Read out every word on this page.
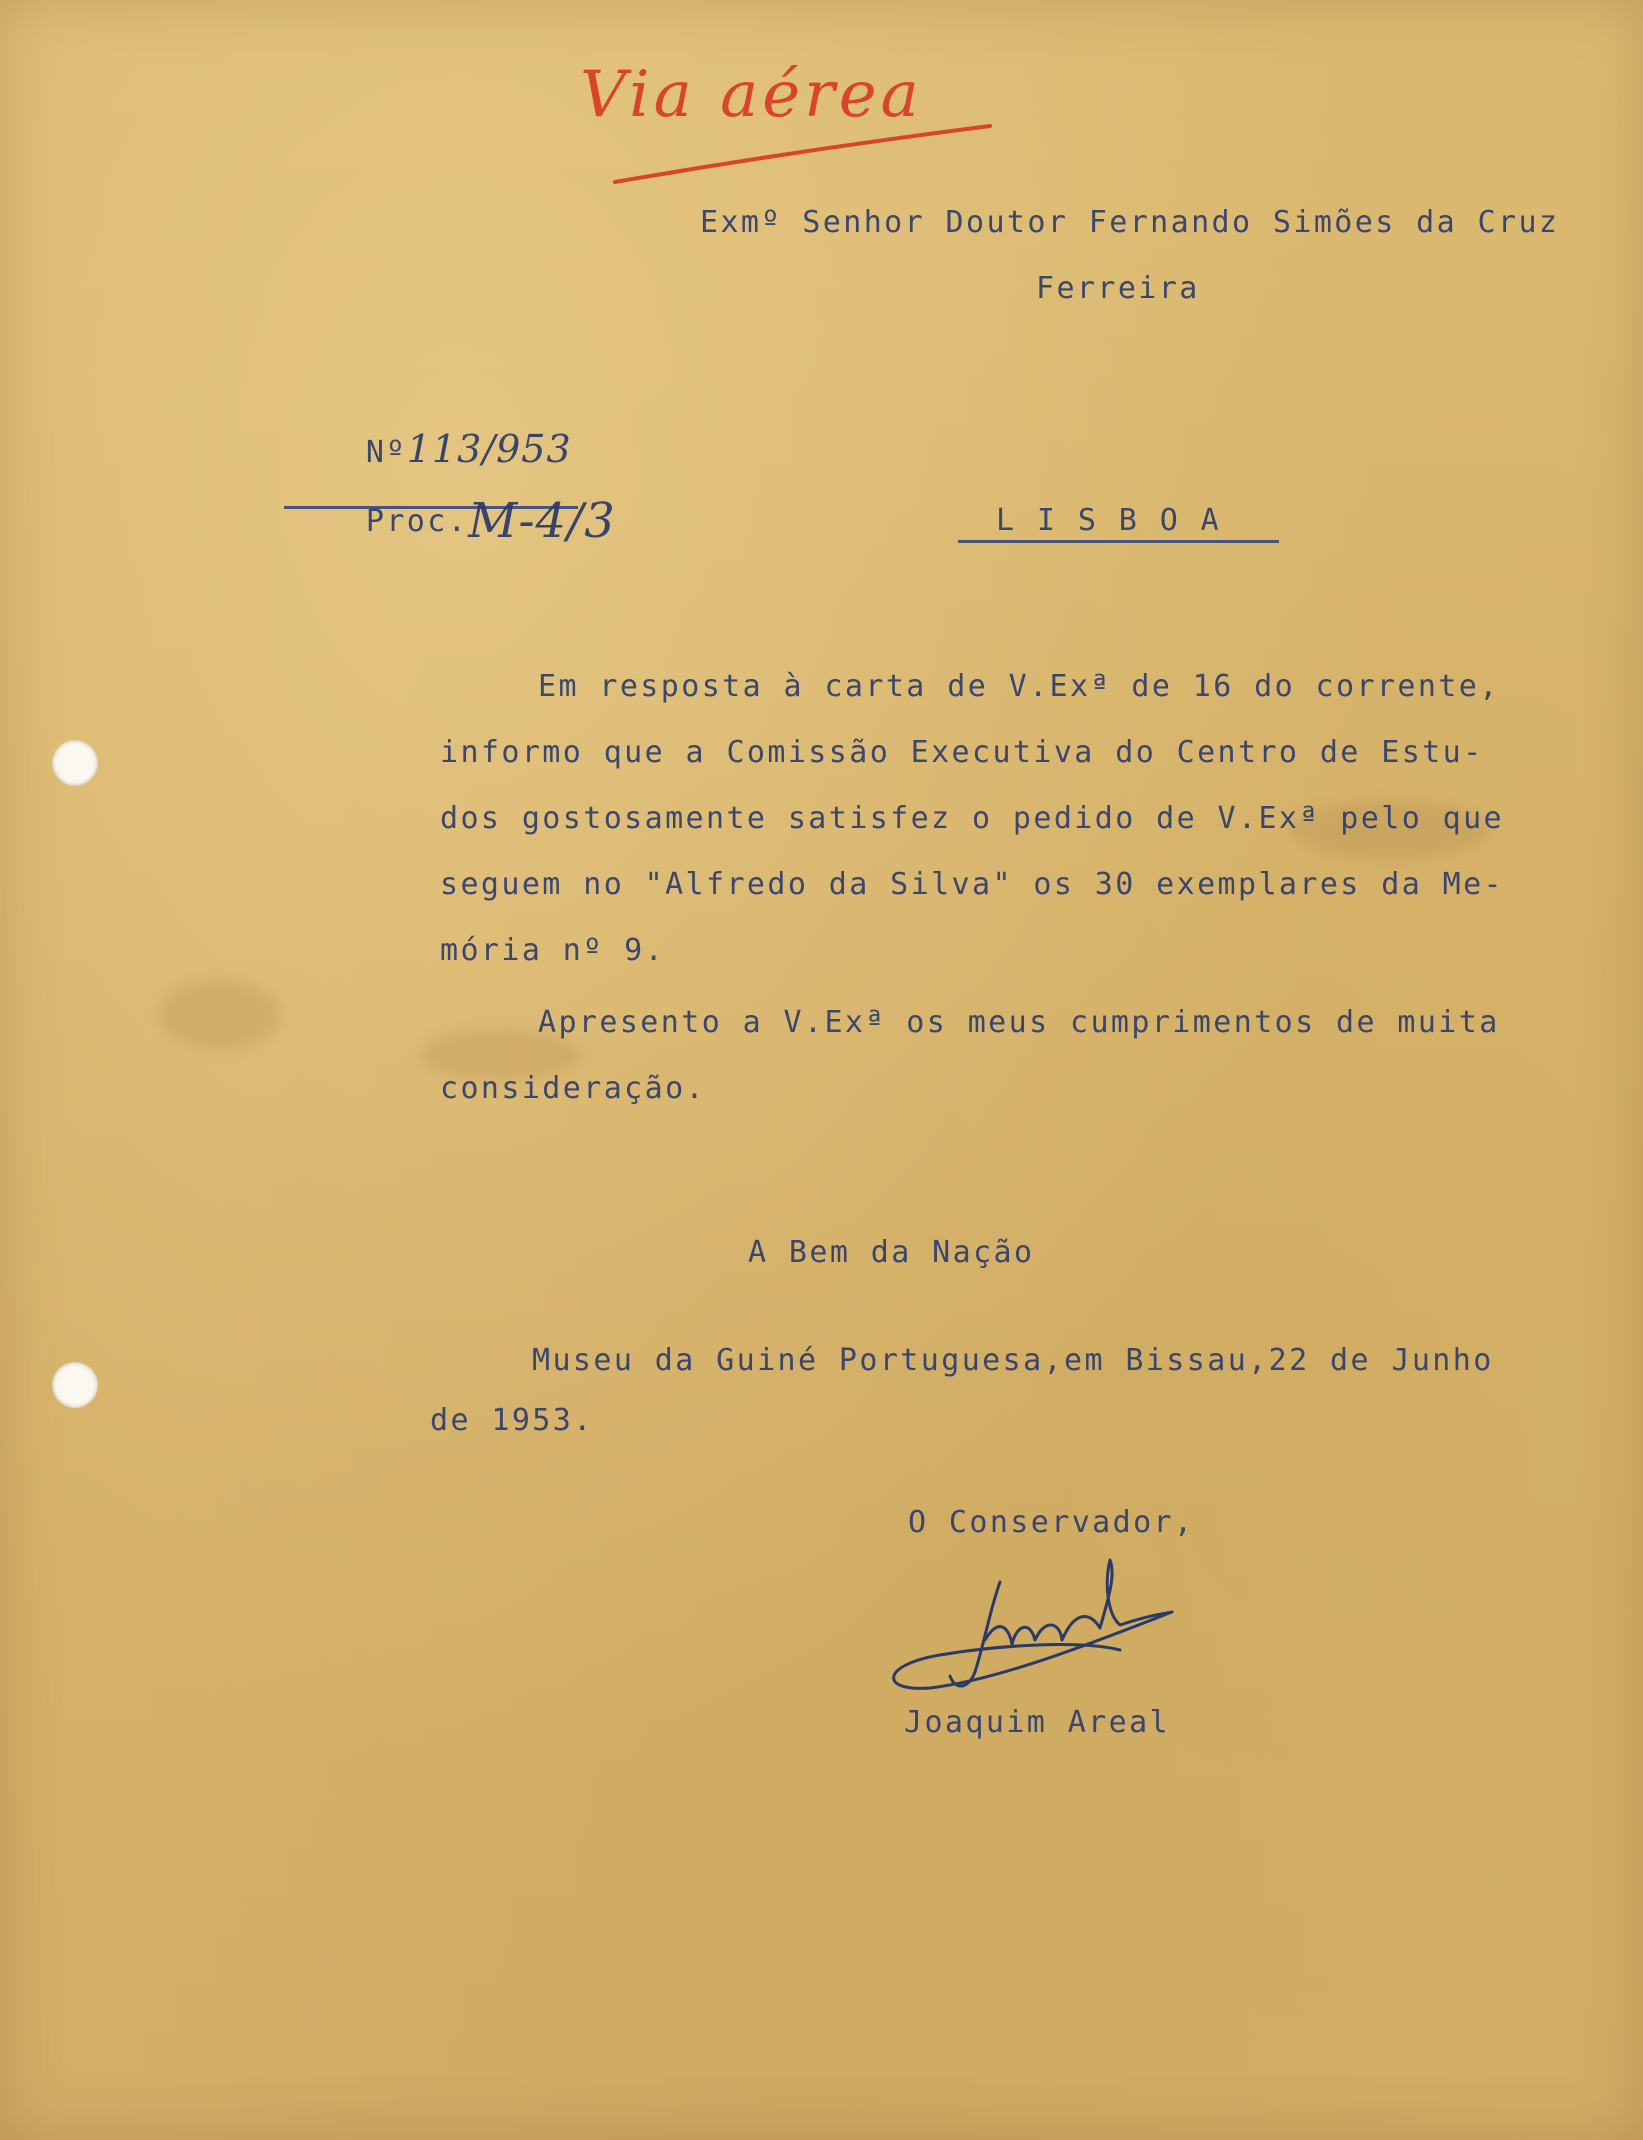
Via aérea
Exmº Senhor Doutor Fernando Simões da Cruz
Ferreira

Nº113/953

Proc.M-4/3
	L I S B O A
Em resposta à carta de V.Exª de 16 do corrente,
informo que a Comissão Executiva do Centro de Estu-
dos gostosamente satisfez o pedido de V.Exª pelo que
seguem no "Alfredo da Silva" os 30 exemplares da Me-
mória nº 9.
Apresento a V.Exª os meus cumprimentos de muita
consideração.
A Bem da Nação
Museu da Guiné Portuguesa,em Bissau,22 de Junho
de 1953.
O Conservador,
Joaquim Areal
